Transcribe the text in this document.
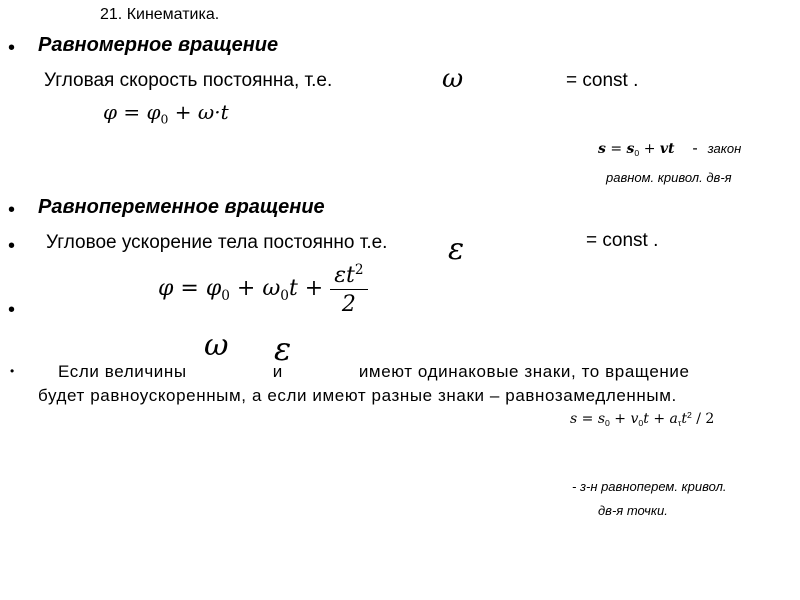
21. Кинематика.
• Равномерное вращение
Угловая скорость постоянна, т.е.	ω	= const .
$\varphi = \varphi_0 + \omega\cdot t$
$s = s_0$ + vt - закон
равном. кривол. дв-я
• Равнопеременное вращение
• Угловое ускорение тела постоянно т.е. ε	= const .
•
$\varphi = \varphi_0 + \omega_0t + \frac{\varepsilon t^2}{2}$
ω ε
•	Если величины	и	имеют одинаковые знаки, то вращение будет равноускоренным, а если имеют разные знаки – равнозамедленным.
$s = s_0 + v_0t + a_\tau t^2 / 2$
- з-н равноперем. кривол.
дв-я точки.
